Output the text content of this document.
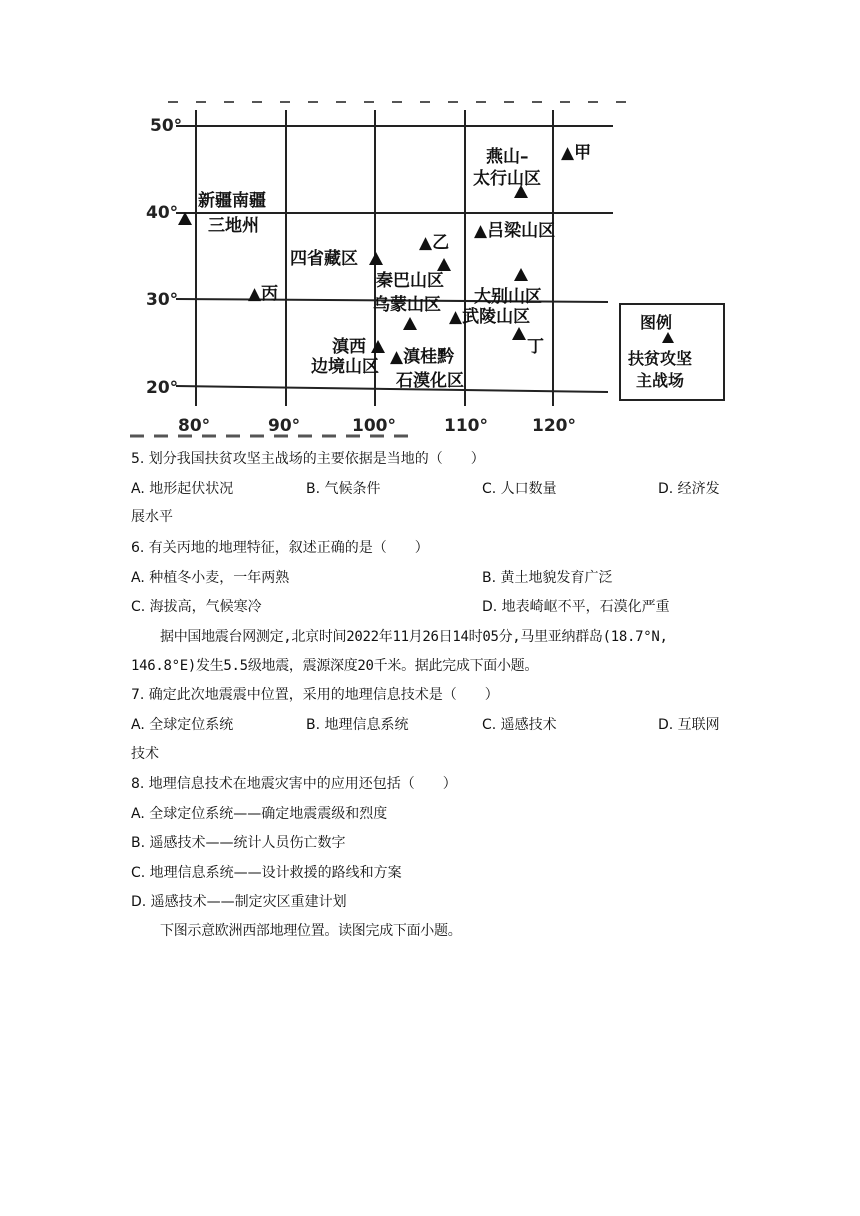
50°
40°
30°
20°
80°	90°	100°	110°	120°
▲甲
燕山–
太行山区
新疆南疆
三地州	▲吕梁山区
▲乙
四省藏区
秦巴山区
▲丙
乌蒙山区 大别山区
▲武陵山区
丁
滇西
边境山区 ▲滇桂黔
石漠化区
图例
扶贫攻坚
主战场
5. 划分我国扶贫攻坚主战场的主要依据是当地的（　　）
A. 地形起伏状况	B. 气候条件	C. 人口数量	D. 经济发
展水平
6. 有关丙地的地理特征，叙述正确的是（　　）
A. 种植冬小麦，一年两熟	B. 黄土地貌发育广泛
C. 海拔高，气候寒冷	D. 地表崎岖不平，石漠化严重
据中国地震台网测定,北京时间2022年11月26日14时05分,马里亚纳群岛(18.7°N,
146.8°E)发生5.5级地震，震源深度20千米。据此完成下面小题。
7. 确定此次地震震中位置，采用的地理信息技术是（　　）
A. 全球定位系统	B. 地理信息系统	C. 遥感技术	D. 互联网
技术
8. 地理信息技术在地震灾害中的应用还包括（　　）
A. 全球定位系统——确定地震震级和烈度
B. 遥感技术——统计人员伤亡数字
C. 地理信息系统——设计救援的路线和方案
D. 遥感技术——制定灾区重建计划
下图示意欧洲西部地理位置。读图完成下面小题。
